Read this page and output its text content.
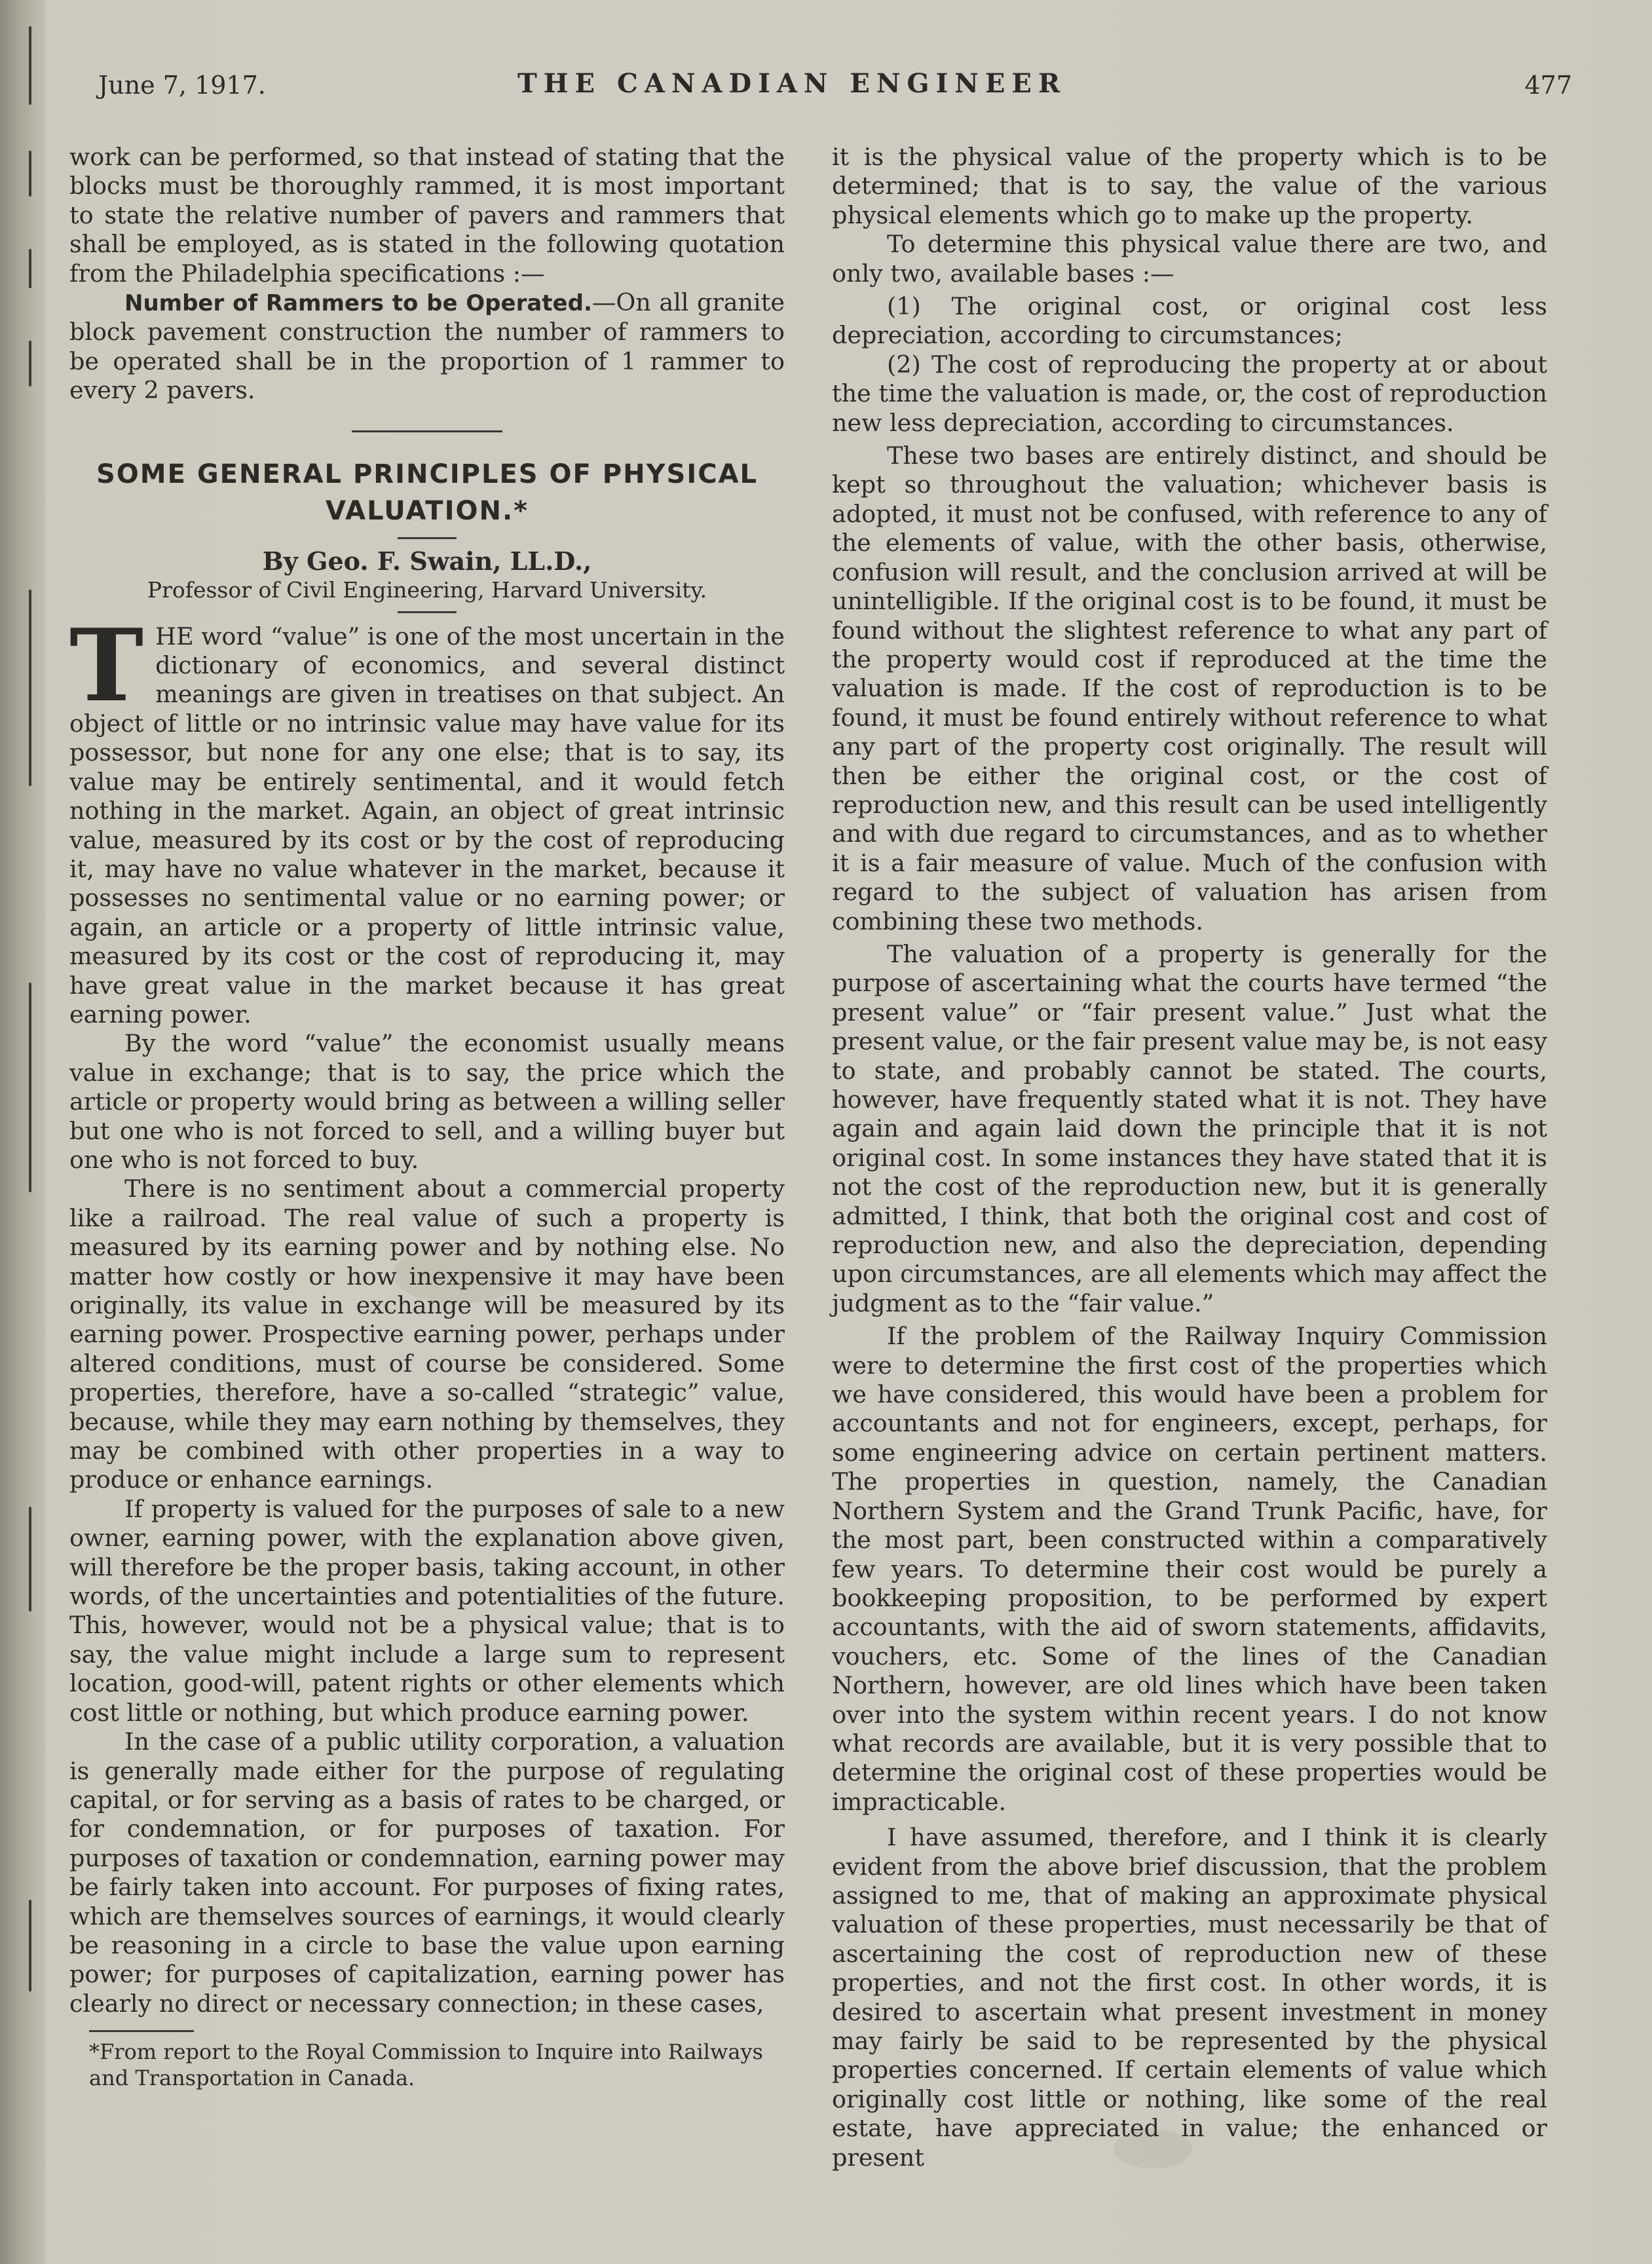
June 7, 1917.	THE CANADIAN ENGINEER	477

work can be performed, so that instead of stating that the blocks must be thoroughly rammed, it is most important to state the relative number of pavers and rammers that shall be employed, as is stated in the following quotation from the Philadelphia specifications :—

Number of Rammers to be Operated.—On all granite block pavement construction the number of rammers to be operated shall be in the proportion of 1 rammer to every 2 pavers.

SOME GENERAL PRINCIPLES OF PHYSICAL VALUATION.*

By Geo. F. Swain, LL.D.,

Professor of Civil Engineering, Harvard University.

THE word “value” is one of the most uncertain in the dictionary of economics, and several distinct meanings are given in treatises on that subject. An object of little or no intrinsic value may have value for its possessor, but none for any one else; that is to say, its value may be entirely sentimental, and it would fetch nothing in the market. Again, an object of great intrinsic value, measured by its cost or by the cost of reproducing it, may have no value whatever in the market, because it possesses no sentimental value or no earning power; or again, an article or a property of little intrinsic value, measured by its cost or the cost of reproducing it, may have great value in the market because it has great earning power.

By the word “value” the economist usually means value in exchange; that is to say, the price which the article or property would bring as between a willing seller but one who is not forced to sell, and a willing buyer but one who is not forced to buy.

There is no sentiment about a commercial property like a railroad. The real value of such a property is measured by its earning power and by nothing else. No matter how costly or how inexpensive it may have been originally, its value in exchange will be measured by its earning power. Prospective earning power, perhaps under altered conditions, must of course be considered. Some properties, therefore, have a so-called “strategic” value, because, while they may earn nothing by themselves, they may be combined with other properties in a way to produce or enhance earnings.

If property is valued for the purposes of sale to a new owner, earning power, with the explanation above given, will therefore be the proper basis, taking account, in other words, of the uncertainties and potentialities of the future. This, however, would not be a physical value; that is to say, the value might include a large sum to represent location, good-will, patent rights or other elements which cost little or nothing, but which produce earning power.

In the case of a public utility corporation, a valuation is generally made either for the purpose of regulating capital, or for serving as a basis of rates to be charged, or for condemnation, or for purposes of taxation. For purposes of taxation or condemnation, earning power may be fairly taken into account. For purposes of fixing rates, which are themselves sources of earnings, it would clearly be reasoning in a circle to base the value upon earning power; for purposes of capitalization, earning power has clearly no direct or necessary connection; in these cases,

*From report to the Royal Commission to Inquire into Railways and Transportation in Canada.

it is the physical value of the property which is to be determined; that is to say, the value of the various physical elements which go to make up the property.

To determine this physical value there are two, and only two, available bases :—

(1) The original cost, or original cost less depreciation, according to circumstances;

(2) The cost of reproducing the property at or about the time the valuation is made, or, the cost of reproduction new less depreciation, according to circumstances.

These two bases are entirely distinct, and should be kept so throughout the valuation; whichever basis is adopted, it must not be confused, with reference to any of the elements of value, with the other basis, otherwise, confusion will result, and the conclusion arrived at will be unintelligible. If the original cost is to be found, it must be found without the slightest reference to what any part of the property would cost if reproduced at the time the valuation is made. If the cost of reproduction is to be found, it must be found entirely without reference to what any part of the property cost originally. The result will then be either the original cost, or the cost of reproduction new, and this result can be used intelligently and with due regard to circumstances, and as to whether it is a fair measure of value. Much of the confusion with regard to the subject of valuation has arisen from combining these two methods.

The valuation of a property is generally for the purpose of ascertaining what the courts have termed “the present value” or “fair present value.” Just what the present value, or the fair present value may be, is not easy to state, and probably cannot be stated. The courts, however, have frequently stated what it is not. They have again and again laid down the principle that it is not original cost. In some instances they have stated that it is not the cost of the reproduction new, but it is generally admitted, I think, that both the original cost and cost of reproduction new, and also the depreciation, depending upon circumstances, are all elements which may affect the judgment as to the “fair value.”

If the problem of the Railway Inquiry Commission were to determine the first cost of the properties which we have considered, this would have been a problem for accountants and not for engineers, except, perhaps, for some engineering advice on certain pertinent matters. The properties in question, namely, the Canadian Northern System and the Grand Trunk Pacific, have, for the most part, been constructed within a comparatively few years. To determine their cost would be purely a bookkeeping proposition, to be performed by expert accountants, with the aid of sworn statements, affidavits, vouchers, etc. Some of the lines of the Canadian Northern, however, are old lines which have been taken over into the system within recent years. I do not know what records are available, but it is very possible that to determine the original cost of these properties would be impracticable.

I have assumed, therefore, and I think it is clearly evident from the above brief discussion, that the problem assigned to me, that of making an approximate physical valuation of these properties, must necessarily be that of ascertaining the cost of reproduction new of these properties, and not the first cost. In other words, it is desired to ascertain what present investment in money may fairly be said to be represented by the physical properties concerned. If certain elements of value which originally cost little or nothing, like some of the real estate, have appreciated in value; the enhanced or present
